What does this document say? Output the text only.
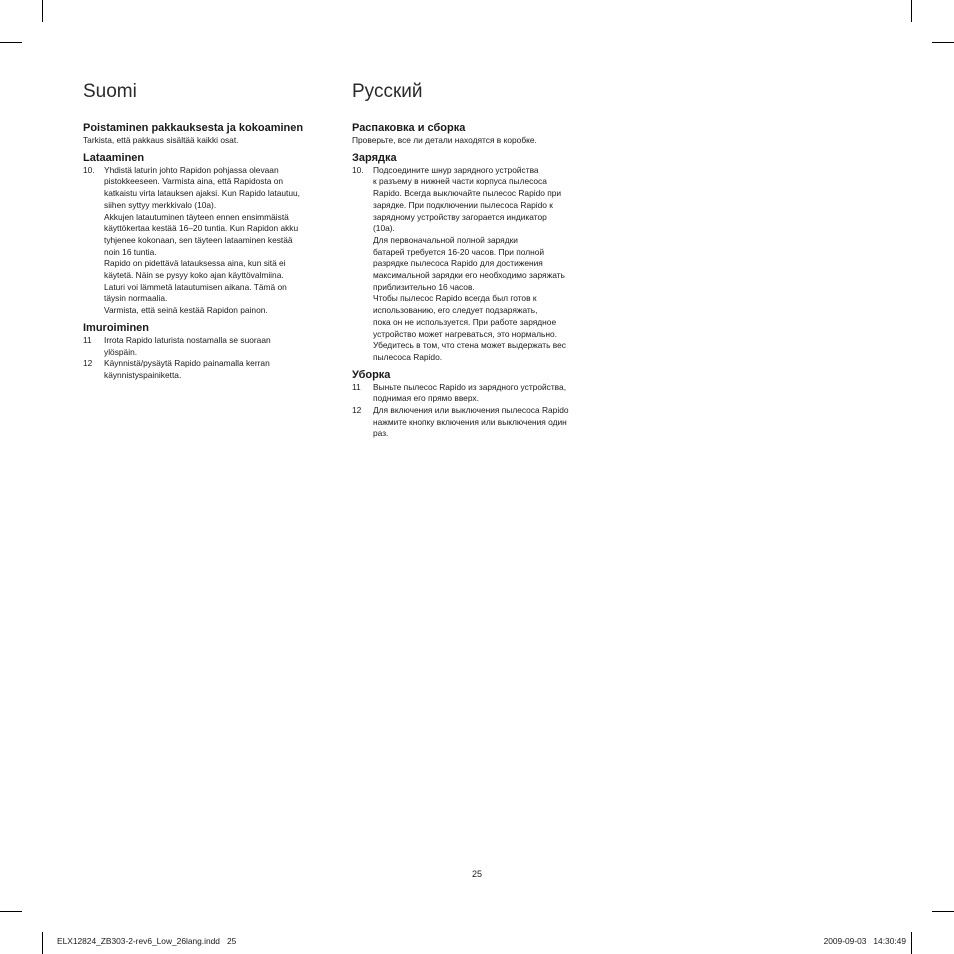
Suomi
Poistaminen pakkauksesta ja kokoaminen

Tarkista, että pakkaus sisältää kaikki osat.

Lataaminen
10. Yhdistä laturin johto Rapidon pohjassa olevaan
pistokkeeseen. Varmista aina, että Rapidosta on
katkaistu virta latauksen ajaksi. Kun Rapido latautuu,
siihen syttyy merkkivalo (10a).
Akkujen latautuminen täyteen ennen ensimmäistä
käyttökertaa kestää 16–20 tuntia. Kun Rapidon akku
tyhjenee kokonaan, sen täyteen lataaminen kestää
noin 16 tuntia.
Rapido on pidettävä latauksessa aina, kun sitä ei
käytetä. Näin se pysyy koko ajan käyttövalmiina.
Laturi voi lämmetä latautumisen aikana. Tämä on
täysin normaalia.
Varmista, että seinä kestää Rapidon painon.
Imuroiminen
11 Irrota Rapido laturista nostamalla se suoraan
ylöspäin.
12 Käynnistä/pysäytä Rapido painamalla kerran
käynnistyspainiketta.
Русский
Распаковка и сборка

Проверьте, все ли детали находятся в коробке.

Зарядка
10. Подсоедините шнур зарядного устройства
к разъему в нижней части корпуса пылесоса
Rapido. Всегда выключайте пылесос Rapido при
зарядке. При подключении пылесоса Rapido к
зарядному устройству загорается индикатор
(10a).
Для первоначальной полной зарядки
батарей требуется 16-20 часов. При полной
разрядке пылесоса Rapido для достижения
максимальной зарядки его необходимо заряжать
приблизительно 16 часов.
Чтобы пылесос Rapido всегда был готов к
использованию, его следует подзаряжать,
пока он не используется. При работе зарядное
устройство может нагреваться, это нормально.
Убедитесь в том, что стена может выдержать вес
пылесоса Rapido.
Уборка
11 Выньте пылесос Rapido из зарядного устройства,
поднимая его прямо вверх.
12 Для включения или выключения пылесоса Rapido
нажмите кнопку включения или выключения один
раз.
25
ELX12824_ZB303-2-rev6_Low_26lang.indd   25	2009-09-03   14:30:49
